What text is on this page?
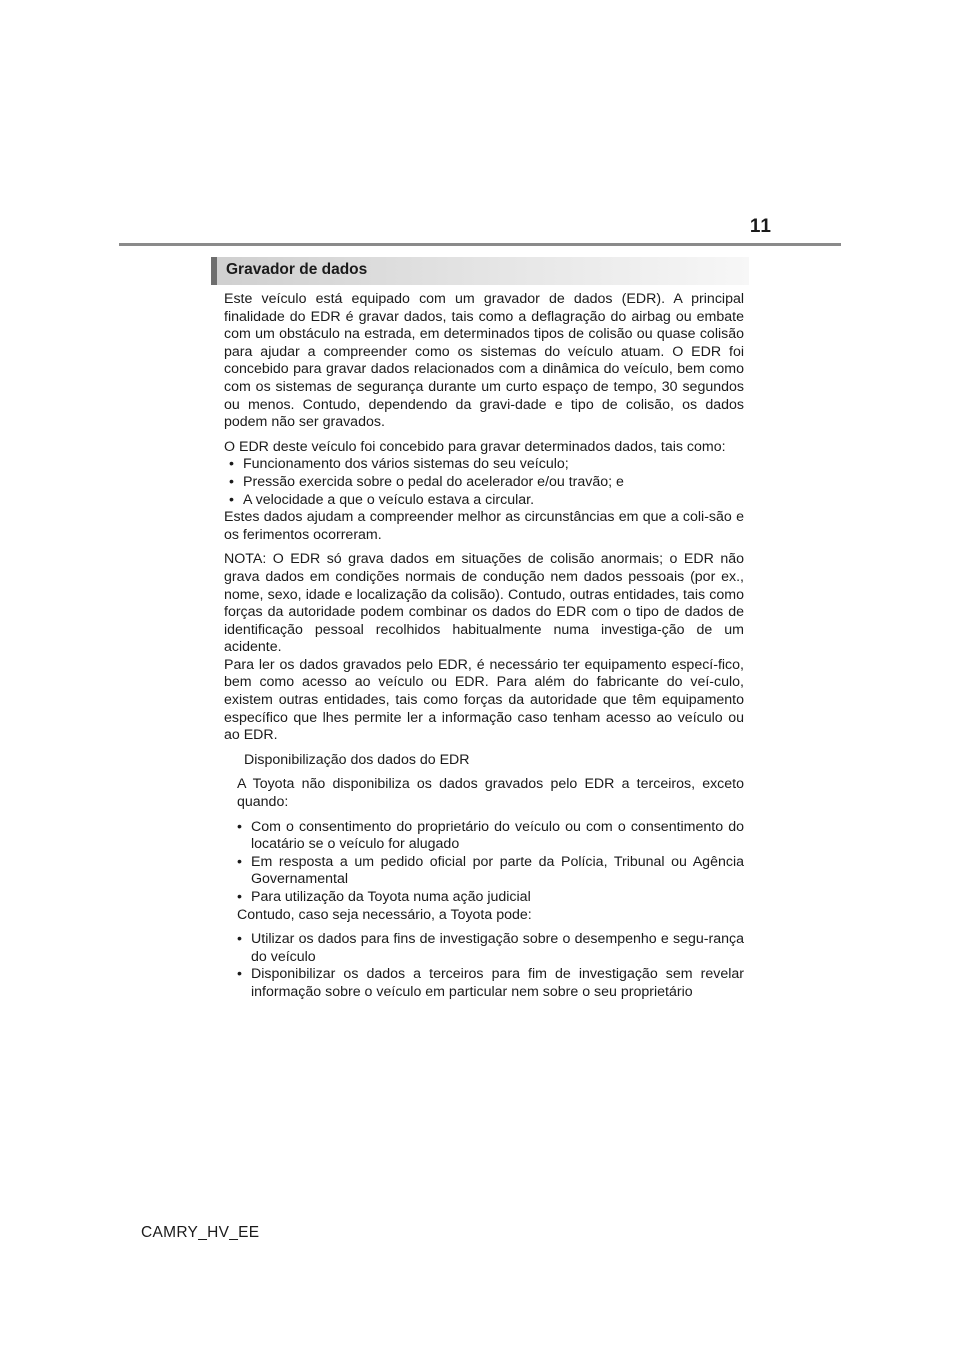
11
Gravador de dados

Este veículo está equipado com um gravador de dados (EDR). A principal finalidade do EDR é gravar dados, tais como a deflagração do airbag ou embate com um obstáculo na estrada, em determinados tipos de colisão ou quase colisão para ajudar a compreender como os sistemas do veículo atuam. O EDR foi concebido para gravar dados relacionados com a dinâmica do veículo, bem como com os sistemas de segurança durante um curto espaço de tempo, 30 segundos ou menos. Contudo, dependendo da gravi-dade e tipo de colisão, os dados podem não ser gravados.

O EDR deste veículo foi concebido para gravar determinados dados, tais como:

• Funcionamento dos vários sistemas do seu veículo;
• Pressão exercida sobre o pedal do acelerador e/ou travão; e
• A velocidade a que o veículo estava a circular.

Estes dados ajudam a compreender melhor as circunstâncias em que a coli-são e os ferimentos ocorreram.

NOTA: O EDR só grava dados em situações de colisão anormais; o EDR não grava dados em condições normais de condução nem dados pessoais (por ex., nome, sexo, idade e localização da colisão). Contudo, outras entidades, tais como forças da autoridade podem combinar os dados do EDR com o tipo de dados de identificação pessoal recolhidos habitualmente numa investiga-ção de um acidente.

Para ler os dados gravados pelo EDR, é necessário ter equipamento especí-fico, bem como acesso ao veículo ou EDR. Para além do fabricante do veí-culo, existem outras entidades, tais como forças da autoridade que têm equipamento específico que lhes permite ler a informação caso tenham acesso ao veículo ou ao EDR.

Disponibilização dos dados do EDR

A Toyota não disponibiliza os dados gravados pelo EDR a terceiros, exceto quando:

• Com o consentimento do proprietário do veículo ou com o consentimento do locatário se o veículo for alugado
• Em resposta a um pedido oficial por parte da Polícia, Tribunal ou Agência Governamental
• Para utilização da Toyota numa ação judicial

Contudo, caso seja necessário, a Toyota pode:

• Utilizar os dados para fins de investigação sobre o desempenho e segu-rança do veículo
• Disponibilizar os dados a terceiros para fim de investigação sem revelar informação sobre o veículo em particular nem sobre o seu proprietário
CAMRY_HV_EE
